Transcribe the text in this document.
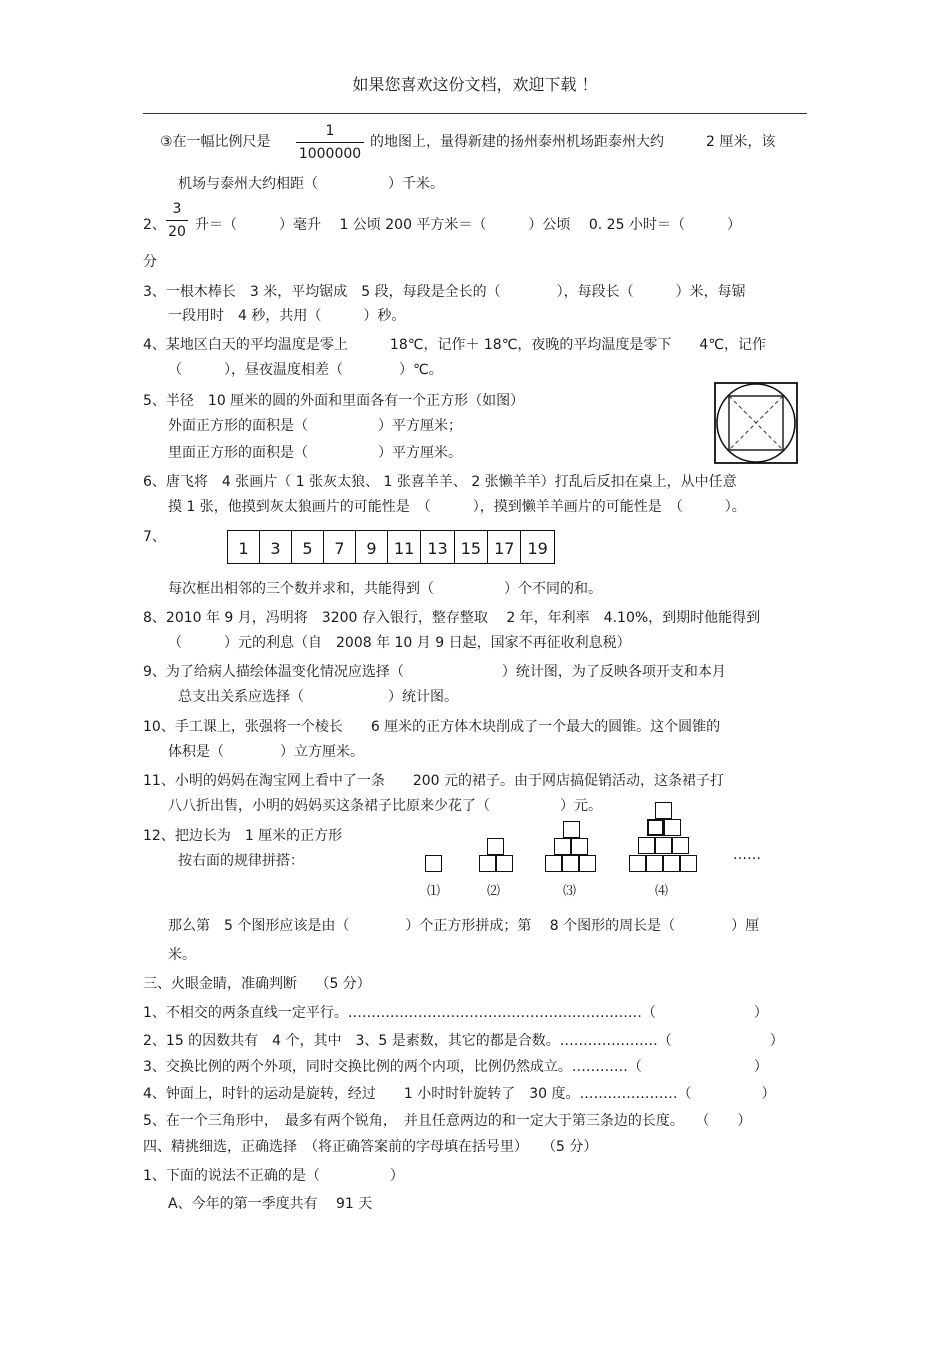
如果您喜欢这份文档，欢迎下载 ！
③在一幅比例尺是
1
1000000
的地图上，量得新建的扬州泰州机场距泰州大约　　　2 厘米，该
机场与泰州大约相距（　　　　　）千米。
2、
3
20 升＝（　　　）毫升　 1 公顷 200 平方米＝（　　　）公顷　 0. 25 小时＝（　　　）
分
3、一根木棒长　3 米，平均锯成　5 段，每段是全长的（　　　　），每段长（　　　）米，每锯
一段用时　4 秒，共用（　　　）秒。
4、某地区白天的平均温度是零上　　　18℃，记作＋ 18℃，夜晚的平均温度是零下　　4℃，记作
（　　　），昼夜温度相差（　　　　）℃。
5、半径　10 厘米的圆的外面和里面各有一个正方形（如图）
外面正方形的面积是（　　　　　）平方厘米；
里面正方形的面积是（　　　　　）平方厘米。
6、唐飞将　4 张画片（ 1 张灰太狼、 1 张喜羊羊、 2 张懒羊羊）打乱后反扣在桌上，从中任意
摸 1 张，他摸到灰太狼画片的可能性是　（　　　），摸到懒羊羊画片的可能性是　（　　　）。
7、
1	3	5	7	9	11 13 15 17 19
每次框出相邻的三个数并求和，共能得到（　　　　　）个不同的和。
8、2010 年 9 月，冯明将　3200 存入银行，整存整取　 2 年，年利率　4.10%，到期时他能得到
（　　　）元的利息（自　2008 年 10 月 9 日起，国家不再征收利息税）
9、为了给病人描绘体温变化情况应选择（　　　　　　　）统计图，为了反映各项开支和本月
总支出关系应选择（　　　　　　）统计图。
10、手工课上，张强将一个棱长　　6 厘米的正方体木块削成了一个最大的圆锥。这个圆锥的
体积是（　　　　）立方厘米。
11、小明的妈妈在淘宝网上看中了一条　　200 元的裙子。由于网店搞促销活动，这条裙子打
八八折出售，小明的妈妈买这条裙子比原来少花了（　　　　　）元。
12、把边长为　1 厘米的正方形
按右面的规律拼搭：	……
⑴	⑵	⑶	⑷
那么第　5 个图形应该是由（　　　　）个正方形拼成；第　 8 个图形的周长是（　　　　）厘
米。
三、火眼金睛，准确判断　 （5 分）
1、不相交的两条直线一定平行。………………………………………………………（　　　　　　　）
2、15 的因数共有　4 个，其中　3、5 是素数，其它的都是合数。…………………（　　　　　　　）
3、交换比例的两个外项，同时交换比例的两个内项，比例仍然成立。…………（　　　　　　　　）
4、钟面上，时针的运动是旋转，经过　　1 小时时针旋转了　30 度。…………………（　　　　　）
5、在一个三角形中，　最多有两个锐角，　并且任意两边的和一定大于第三条边的长度。　 （　　）
四、精挑细选，正确选择　（将正确答案前的字母填在括号里）　　（5 分）
1、下面的说法不正确的是（　　　　　）
A、今年的第一季度共有　 91 天
